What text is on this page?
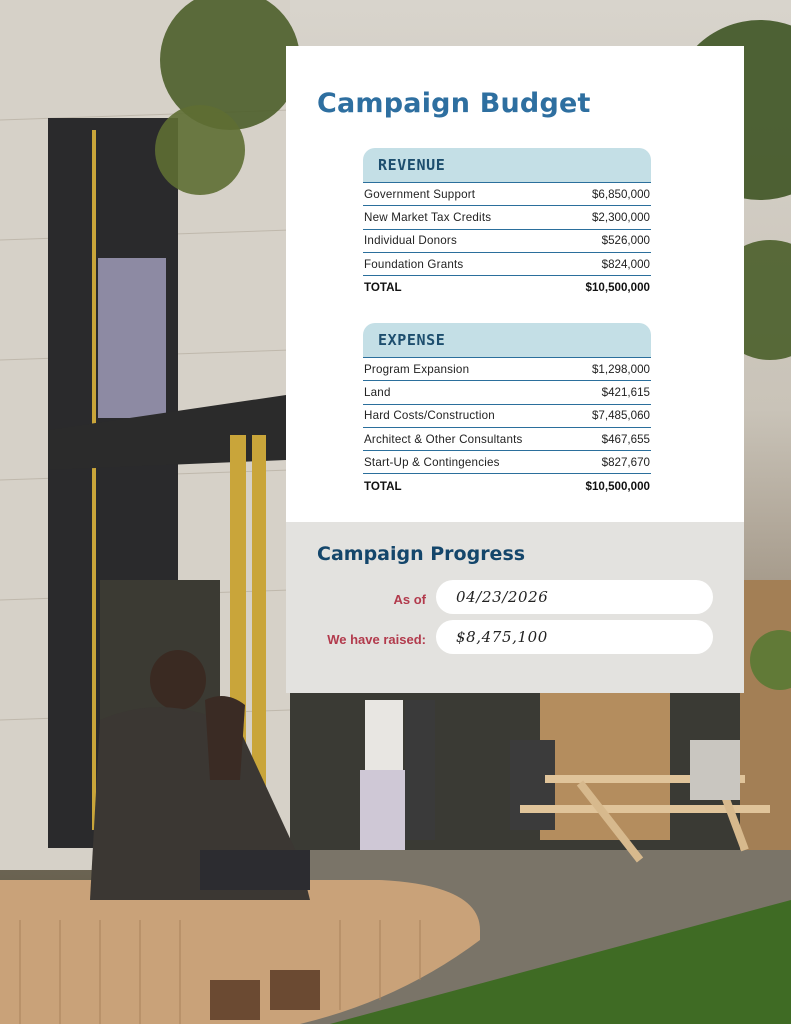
Campaign Budget
REVENUE
Government Support	$6,850,000
New Market Tax Credits	$2,300,000
Individual Donors	$526,000
Foundation Grants	$824,000
TOTAL	$10,500,000
EXPENSE
Program Expansion	$1,298,000
Land	$421,615
Hard Costs/Construction	$7,485,060
Architect & Other Consultants	$467,655
Start-Up & Contingencies	$827,670
TOTAL	$10,500,000
Campaign Progress
As of 04/23/2026
We have raised: $8,475,100
